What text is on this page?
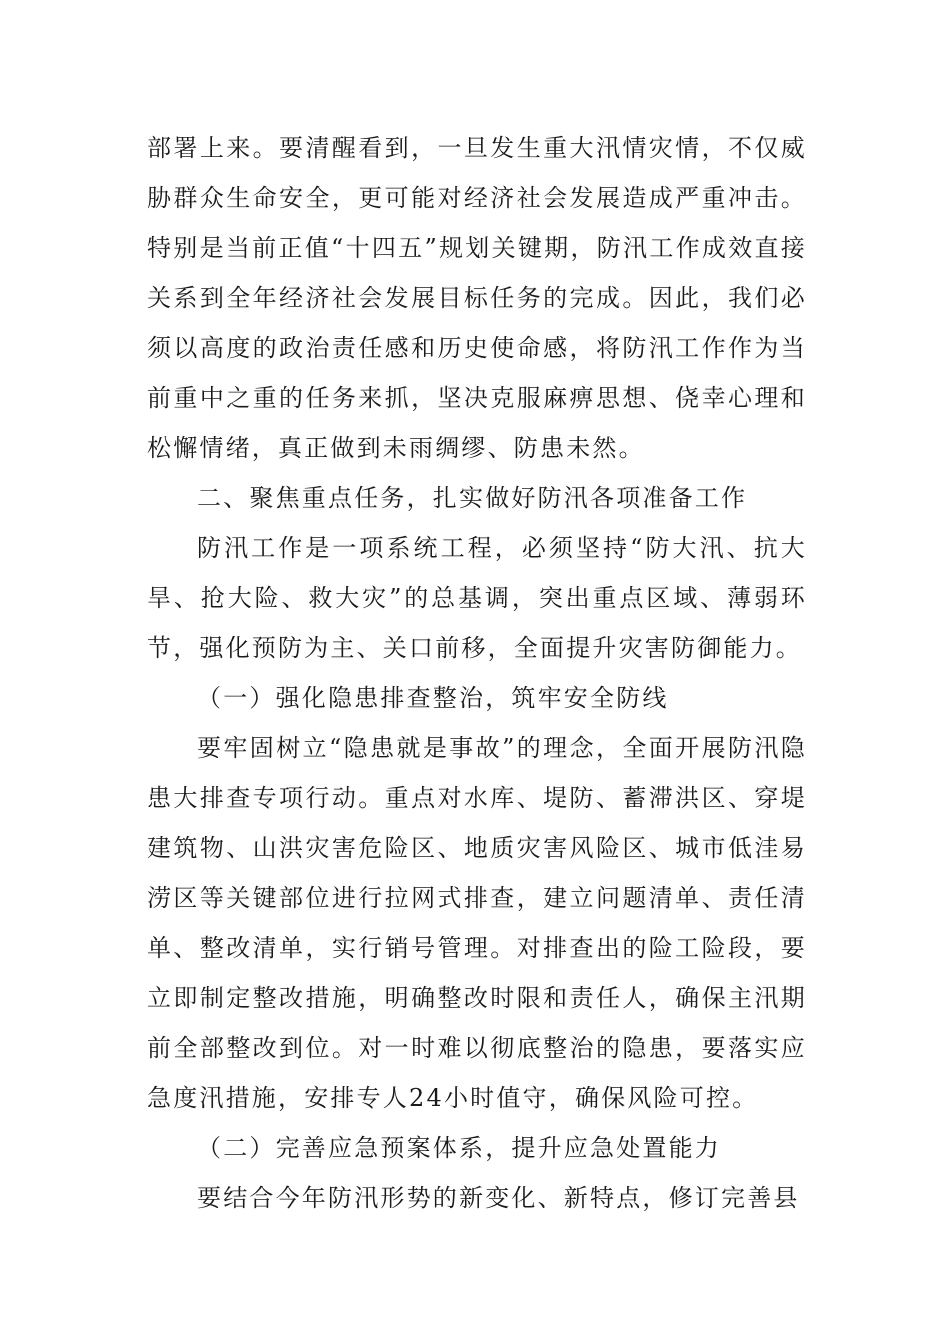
部署上来。要清醒看到，一旦发生重大汛情灾情，不仅威胁群众生命安全，更可能对经济社会发展造成严重冲击。特别是当前正值“十四五”规划关键期，防汛工作成效直接关系到全年经济社会发展目标任务的完成。因此，我们必须以高度的政治责任感和历史使命感，将防汛工作作为当前重中之重的任务来抓，坚决克服麻痹思想、侥幸心理和松懈情绪，真正做到未雨绸缪、防患未然。

二、聚焦重点任务，扎实做好防汛各项准备工作

防汛工作是一项系统工程，必须坚持“防大汛、抗大旱、抢大险、救大灾”的总基调，突出重点区域、薄弱环节，强化预防为主、关口前移，全面提升灾害防御能力。

（一）强化隐患排查整治，筑牢安全防线

要牢固树立“隐患就是事故”的理念，全面开展防汛隐患大排查专项行动。重点对水库、堤防、蓄滞洪区、穿堤建筑物、山洪灾害危险区、地质灾害风险区、城市低洼易涝区等关键部位进行拉网式排查，建立问题清单、责任清单、整改清单，实行销号管理。对排查出的险工险段，要立即制定整改措施，明确整改时限和责任人，确保主汛期前全部整改到位。对一时难以彻底整治的隐患，要落实应急度汛措施，安排专人24小时值守，确保风险可控。

（二）完善应急预案体系，提升应急处置能力

要结合今年防汛形势的新变化、新特点，修订完善县
